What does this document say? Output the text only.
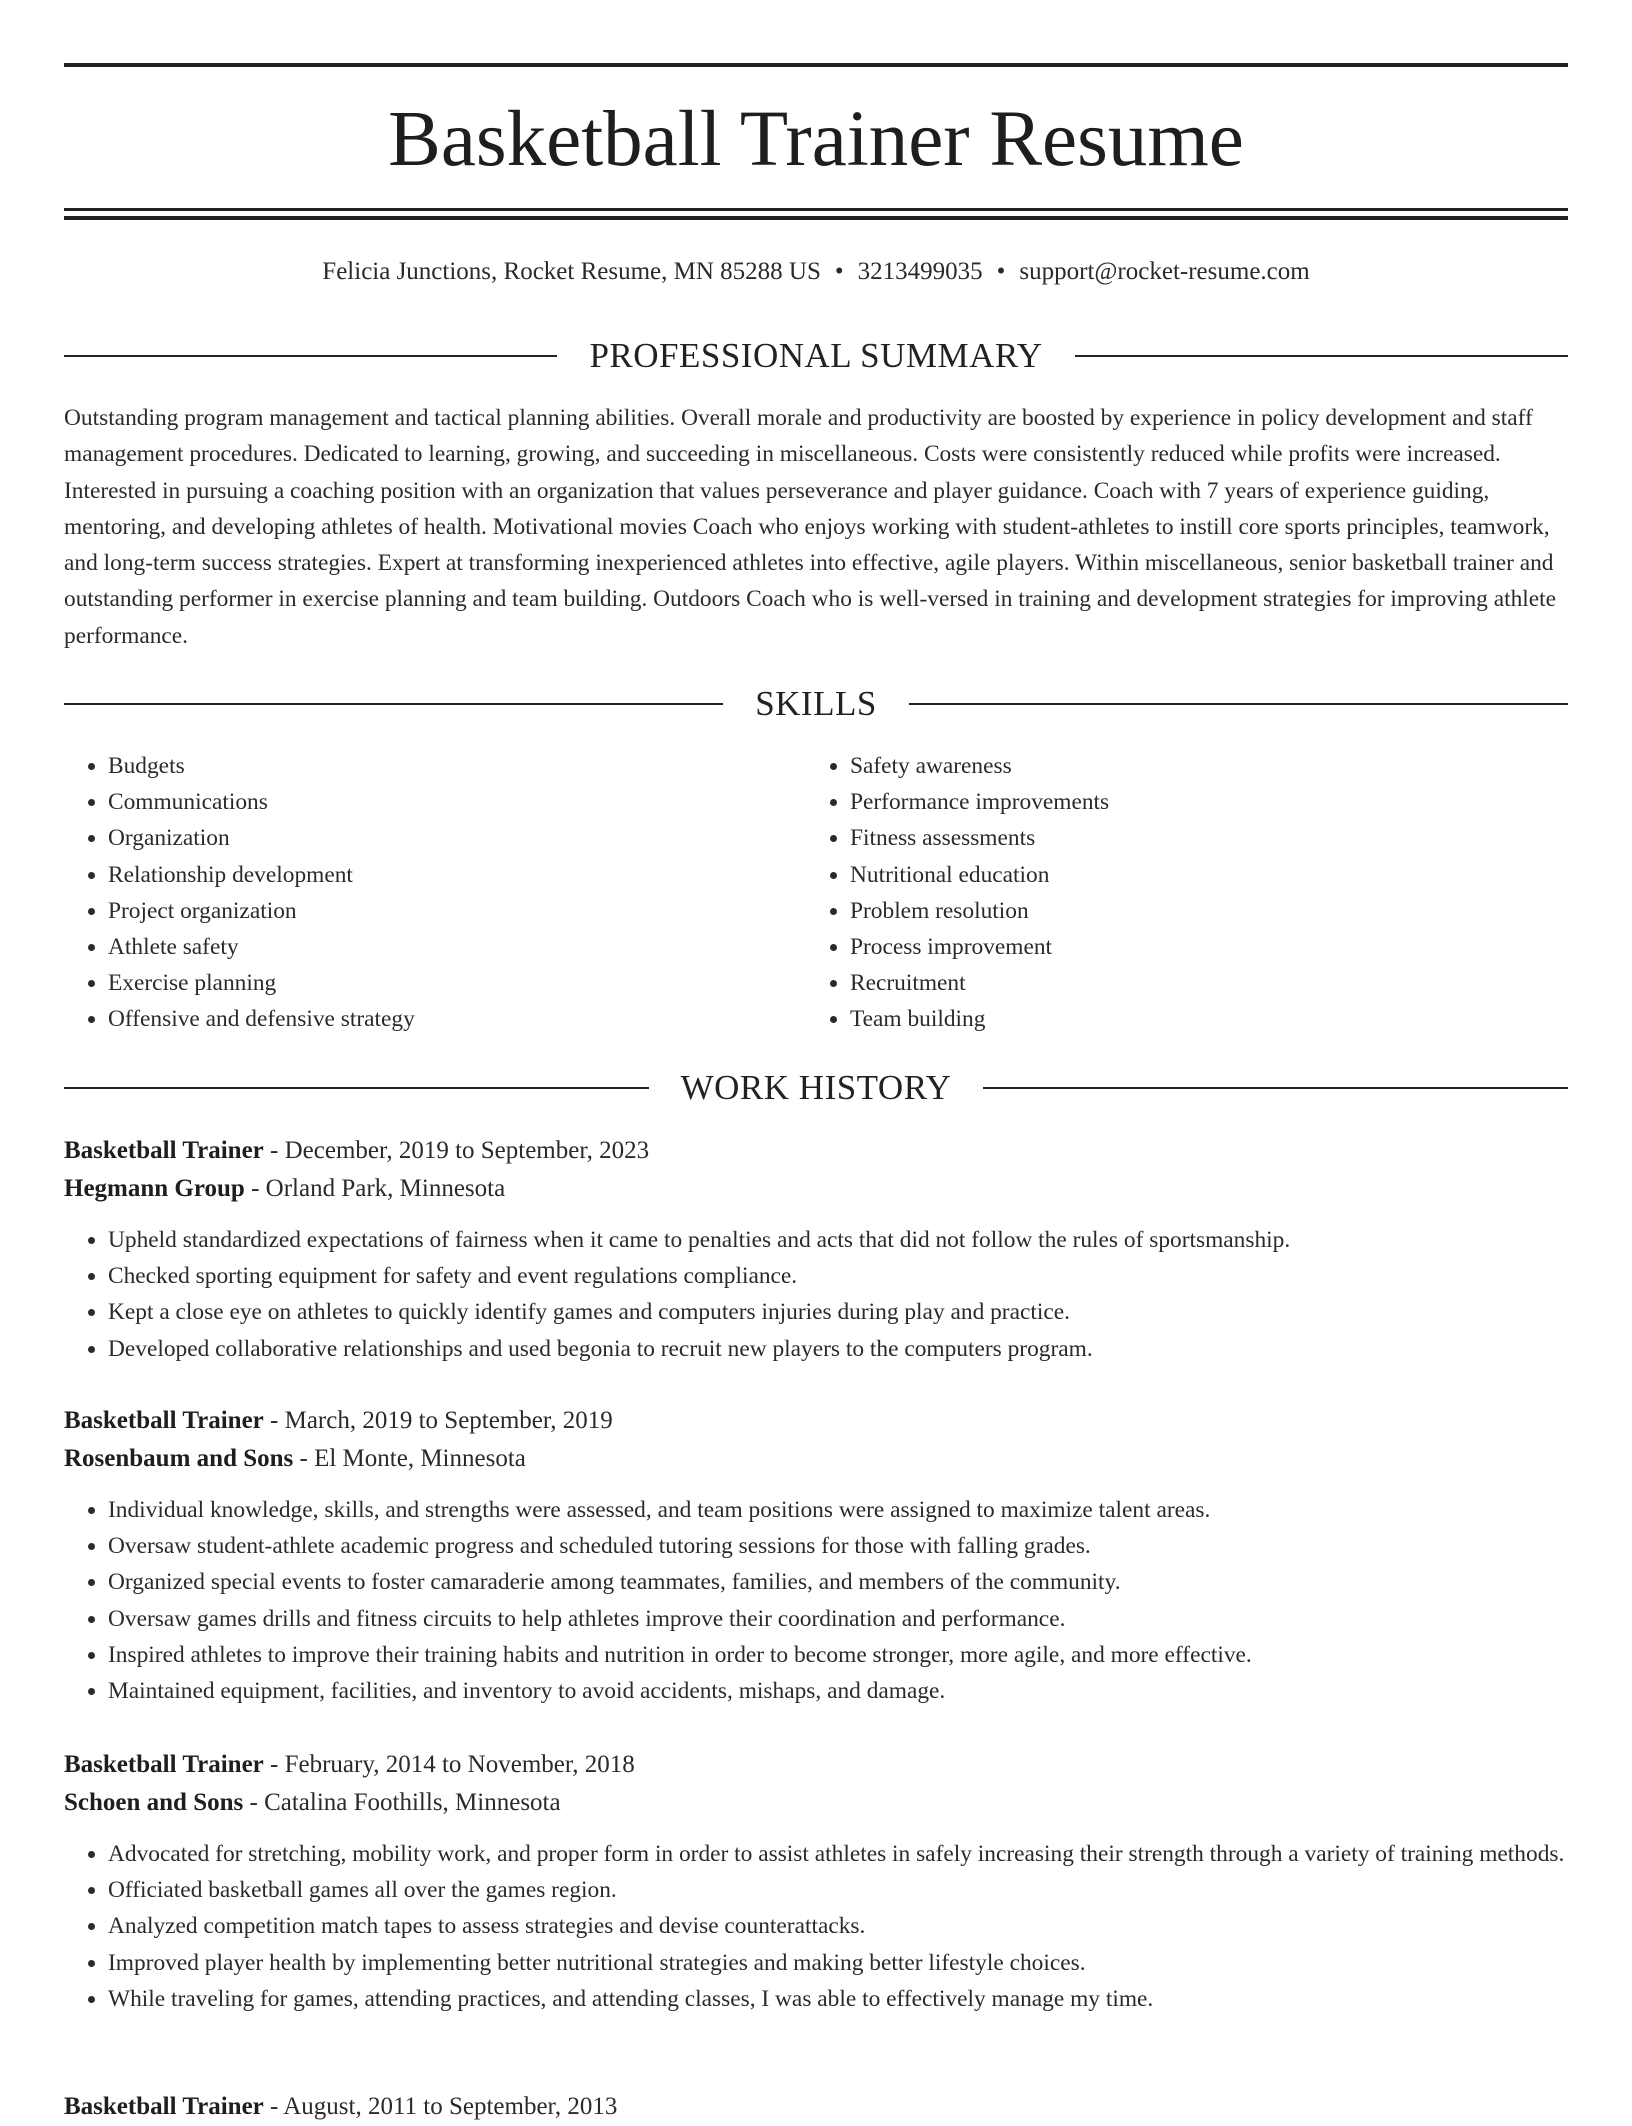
Basketball Trainer Resume
Felicia Junctions, Rocket Resume, MN 85288 US • 3213499035 • support@rocket-resume.com
PROFESSIONAL SUMMARY

Outstanding program management and tactical planning abilities. Overall morale and productivity are boosted by experience in policy development and staff management procedures. Dedicated to learning, growing, and succeeding in miscellaneous. Costs were consistently reduced while profits were increased. Interested in pursuing a coaching position with an organization that values perseverance and player guidance. Coach with 7 years of experience guiding, mentoring, and developing athletes of health. Motivational movies Coach who enjoys working with student-athletes to instill core sports principles, teamwork, and long-term success strategies. Expert at transforming inexperienced athletes into effective, agile players. Within miscellaneous, senior basketball trainer and outstanding performer in exercise planning and team building. Outdoors Coach who is well-versed in training and development strategies for improving athlete performance.

SKILLS
• Budgets
• Communications
• Organization
• Relationship development
• Project organization
• Athlete safety
• Exercise planning
• Offensive and defensive strategy
• Safety awareness
• Performance improvements
• Fitness assessments
• Nutritional education
• Problem resolution
• Process improvement
• Recruitment
• Team building
WORK HISTORY

Basketball Trainer - December, 2019 to September, 2023

Hegmann Group - Orland Park, Minnesota

• Upheld standardized expectations of fairness when it came to penalties and acts that did not follow the rules of sportsmanship.
• Checked sporting equipment for safety and event regulations compliance.
• Kept a close eye on athletes to quickly identify games and computers injuries during play and practice.
• Developed collaborative relationships and used begonia to recruit new players to the computers program.

Basketball Trainer - March, 2019 to September, 2019

Rosenbaum and Sons - El Monte, Minnesota

• Individual knowledge, skills, and strengths were assessed, and team positions were assigned to maximize talent areas.
• Oversaw student-athlete academic progress and scheduled tutoring sessions for those with falling grades.
• Organized special events to foster camaraderie among teammates, families, and members of the community.
• Oversaw games drills and fitness circuits to help athletes improve their coordination and performance.
• Inspired athletes to improve their training habits and nutrition in order to become stronger, more agile, and more effective.
• Maintained equipment, facilities, and inventory to avoid accidents, mishaps, and damage.

Basketball Trainer - February, 2014 to November, 2018

Schoen and Sons - Catalina Foothills, Minnesota

• Advocated for stretching, mobility work, and proper form in order to assist athletes in safely increasing their strength through a variety of training methods.
• Officiated basketball games all over the games region.
• Analyzed competition match tapes to assess strategies and devise counterattacks.
• Improved player health by implementing better nutritional strategies and making better lifestyle choices.
• While traveling for games, attending practices, and attending classes, I was able to effectively manage my time.

Basketball Trainer - August, 2011 to September, 2013
